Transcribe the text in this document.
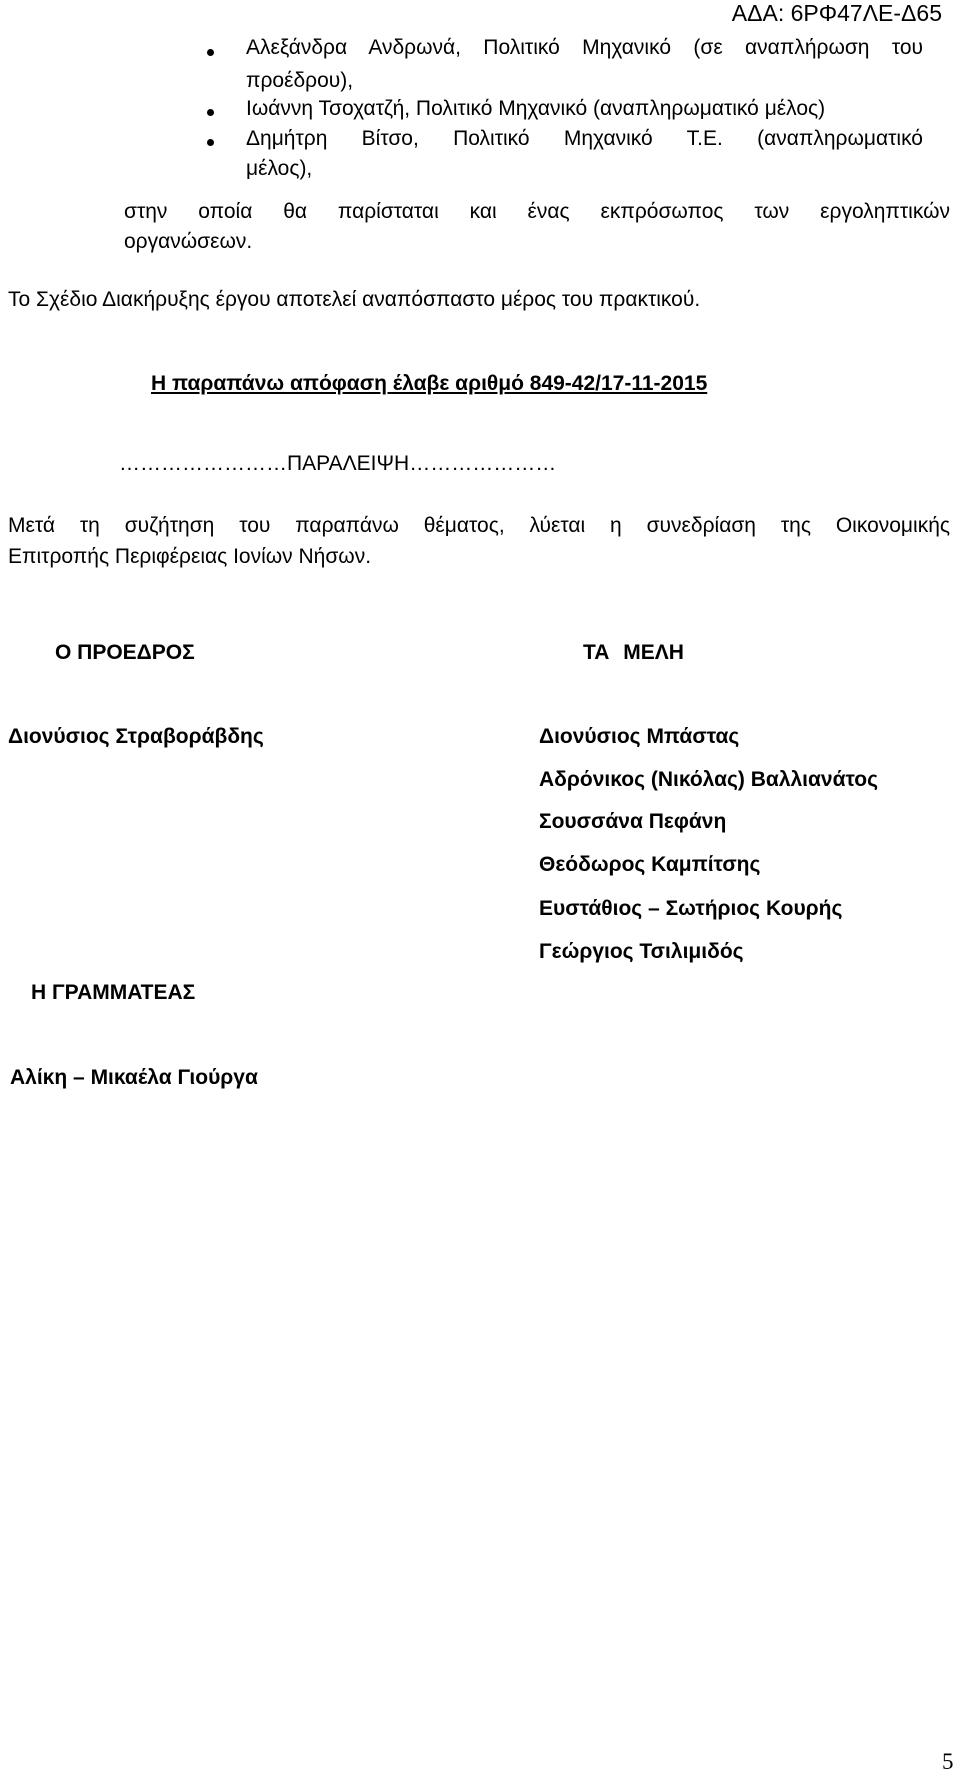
ΑΔΑ: 6ΡΦ47ΛΕ-Δ65
Αλεξάνδρα Ανδρωνά, Πολιτικό Μηχανικό (σε αναπλήρωση του
προέδρου),
Ιωάννη Τσοχατζή, Πολιτικό Μηχανικό (αναπληρωματικό μέλος)
Δημήτρη Βίτσο, Πολιτικό Μηχανικό Τ.Ε. (αναπληρωματικό
μέλος),
στην οποία θα παρίσταται και ένας εκπρόσωπος των εργοληπτικών
οργανώσεων.
Το Σχέδιο Διακήρυξης έργου αποτελεί αναπόσπαστο μέρος του πρακτικού.
Η παραπάνω απόφαση έλαβε αριθμό 849-42/17-11-2015
……………………ΠΑΡΑΛΕΙΨΗ…………………
Μετά τη συζήτηση του παραπάνω θέματος, λύεται η συνεδρίαση της Οικονομικής
Επιτροπής Περιφέρειας Ιονίων Νήσων.
Ο ΠΡΟΕΔΡΟΣ	ΤΑ ΜΕΛΗ
Διονύσιος Στραβοράβδης	Διονύσιος Μπάστας
Αδρόνικος (Νικόλας) Βαλλιανάτος
Σουσσάνα Πεφάνη
Θεόδωρος Καμπίτσης
Ευστάθιος – Σωτήριος Κουρής
Γεώργιος Τσιλιμιδός
Η ΓΡΑΜΜΑΤΕΑΣ
Αλίκη – Μικαέλα Γιούργα
5
